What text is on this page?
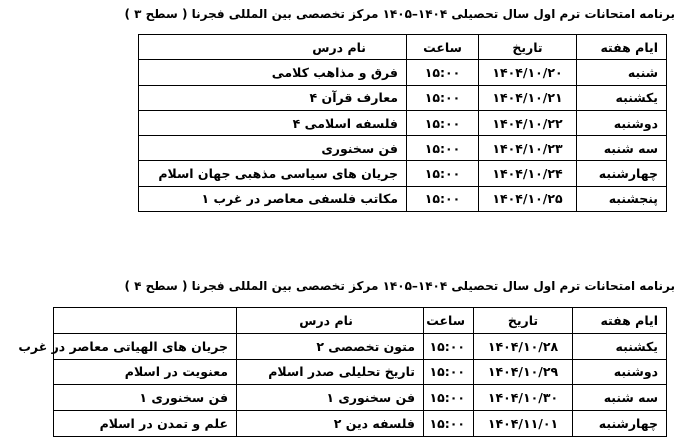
برنامه امتحانات ترم اول سال تحصیلی ۱۴۰۴–۱۴۰۵ مرکز تخصصی بین المللی فجرنا ( سطح ۳ )
ایام هفته	تاریخ	ساعت	نام درس
شنبه	۱۴۰۴/۱۰/۲۰	۱۵:۰۰	فرق و مذاهب کلامی
یکشنبه	۱۴۰۴/۱۰/۲۱	۱۵:۰۰	معارف قرآن ۴
دوشنبه	۱۴۰۴/۱۰/۲۲	۱۵:۰۰	فلسفه اسلامی ۴
سه شنبه	۱۴۰۴/۱۰/۲۳	۱۵:۰۰	فن سخنوری
چهارشنبه	۱۴۰۴/۱۰/۲۴	۱۵:۰۰	جریان های سیاسی مذهبی جهان اسلام
پنجشنبه	۱۴۰۴/۱۰/۲۵	۱۵:۰۰	مکاتب فلسفی معاصر در غرب ۱
برنامه امتحانات ترم اول سال تحصیلی ۱۴۰۴–۱۴۰۵ مرکز تخصصی بین المللی فجرنا ( سطح ۴ )
ایام هفته	تاریخ	ساعت	نام درس	
یکشنبه	۱۴۰۴/۱۰/۲۸	۱۵:۰۰	متون تخصصی ۲	جریان های الهیاتی معاصر در غرب
دوشنبه	۱۴۰۴/۱۰/۲۹	۱۵:۰۰	تاریخ تحلیلی صدر اسلام	معنویت در اسلام
سه شنبه	۱۴۰۴/۱۰/۳۰	۱۵:۰۰	فن سخنوری ۱	فن سخنوری ۱
چهارشنبه	۱۴۰۴/۱۱/۰۱	۱۵:۰۰	فلسفه دین ۲	علم و تمدن در اسلام
